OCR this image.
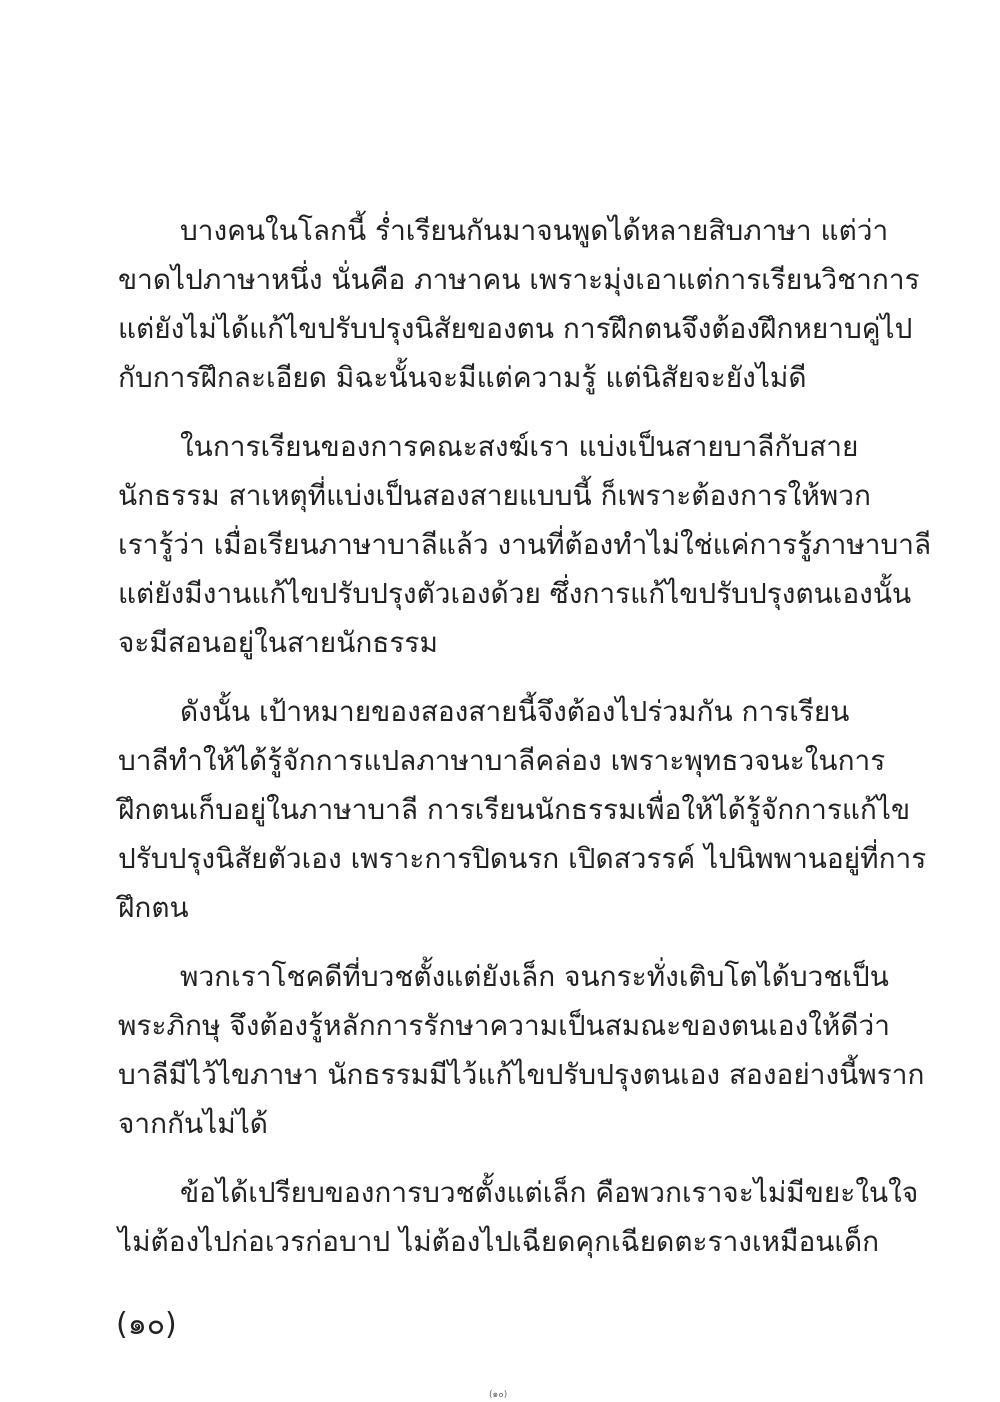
บางคนในโลกนี้ ร่ำเรียนกันมาจนพูดได้หลายสิบภาษา แต่ว่า
ขาดไปภาษาหนึ่ง นั่นคือ ภาษาคน เพราะมุ่งเอาแต่การเรียนวิชาการ
แต่ยังไม่ได้แก้ไขปรับปรุงนิสัยของตน การฝึกตนจึงต้องฝึกหยาบคู่ไป
กับการฝึกละเอียด มิฉะนั้นจะมีแต่ความรู้ แต่นิสัยจะยังไม่ดี

ในการเรียนของการคณะสงฆ์เรา แบ่งเป็นสายบาลีกับสาย
นักธรรม สาเหตุที่แบ่งเป็นสองสายแบบนี้ ก็เพราะต้องการให้พวก
เรารู้ว่า เมื่อเรียนภาษาบาลีแล้ว งานที่ต้องทำไม่ใช่แค่การรู้ภาษาบาลี
แต่ยังมีงานแก้ไขปรับปรุงตัวเองด้วย ซึ่งการแก้ไขปรับปรุงตนเองนั้น
จะมีสอนอยู่ในสายนักธรรม

ดังนั้น เป้าหมายของสองสายนี้จึงต้องไปร่วมกัน การเรียน
บาลีทำให้ได้รู้จักการแปลภาษาบาลีคล่อง เพราะพุทธวจนะในการ
ฝึกตนเก็บอยู่ในภาษาบาลี การเรียนนักธรรมเพื่อให้ได้รู้จักการแก้ไข
ปรับปรุงนิสัยตัวเอง เพราะการปิดนรก เปิดสวรรค์ ไปนิพพานอยู่ที่การ
ฝึกตน

พวกเราโชคดีที่บวชตั้งแต่ยังเล็ก จนกระทั่งเติบโตได้บวชเป็น
พระภิกษุ จึงต้องรู้หลักการรักษาความเป็นสมณะของตนเองให้ดีว่า
บาลีมีไว้ไขภาษา นักธรรมมีไว้แก้ไขปรับปรุงตนเอง สองอย่างนี้พราก
จากกันไม่ได้

ข้อได้เปรียบของการบวชตั้งแต่เล็ก คือพวกเราจะไม่มีขยะในใจ
ไม่ต้องไปก่อเวรก่อบาป ไม่ต้องไปเฉียดคุกเฉียดตะรางเหมือนเด็ก

(๑๐)
(๑๐)
